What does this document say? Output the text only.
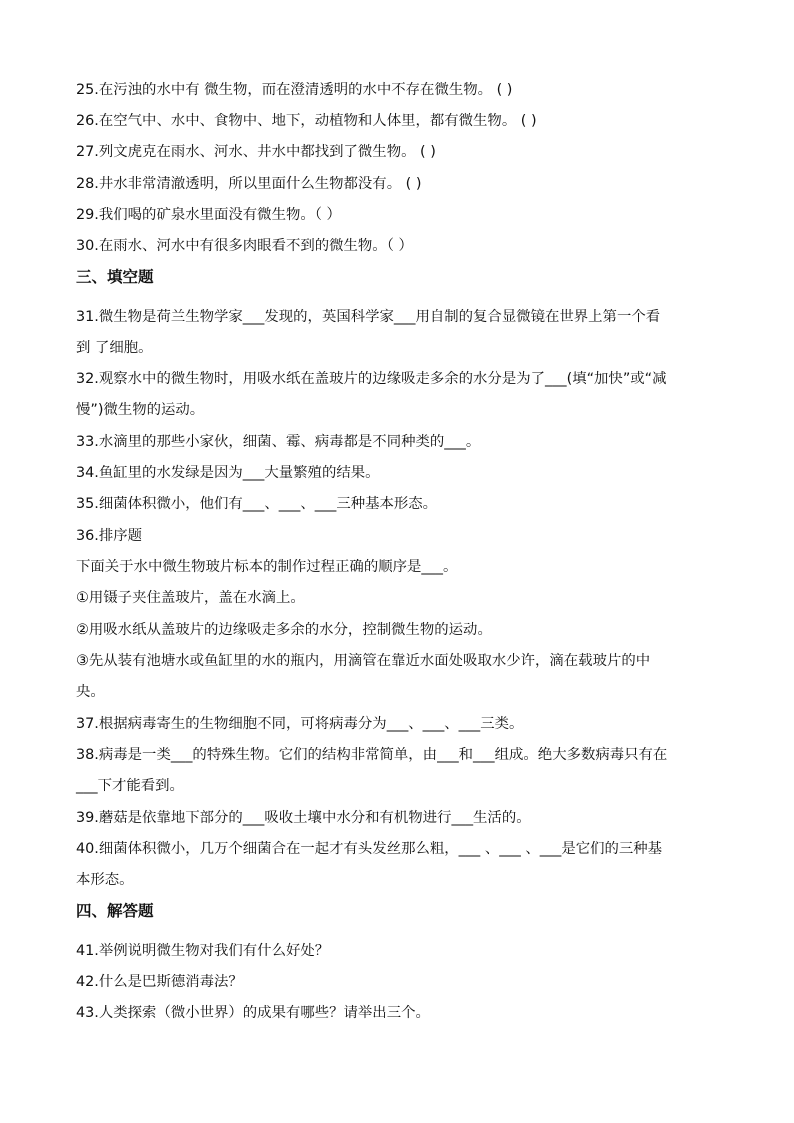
25.在污浊的水中有 微生物，而在澄清透明的水中不存在微生物。 ( )
26.在空气中、水中、食物中、地下，动植物和人体里，都有微生物。 ( )
27.列文虎克在雨水、河水、井水中都找到了微生物。 ( )
28.井水非常清澈透明，所以里面什么生物都没有。 ( )
29.我们喝的矿泉水里面没有微生物。（ ）
30.在雨水、河水中有很多肉眼看不到的微生物。（ ）
三、填空题
31.微生物是荷兰生物学家___发现的，英国科学家___用自制的复合显微镜在世界上第一个看
到 了细胞。
32.观察水中的微生物时，用吸水纸在盖玻片的边缘吸走多余的水分是为了___(填“加快”或“减
慢”)微生物的运动。
33.水滴里的那些小家伙，细菌、霉、病毒都是不同种类的___。
34.鱼缸里的水发绿是因为___大量繁殖的结果。
35.细菌体积微小，他们有___、___、___三种基本形态。
36.排序题
下面关于水中微生物玻片标本的制作过程正确的顺序是___。
①用镊子夹住盖玻片，盖在水滴上。
②用吸水纸从盖玻片的边缘吸走多余的水分，控制微生物的运动。
③先从装有池塘水或鱼缸里的水的瓶内，用滴管在靠近水面处吸取水少许，滴在载玻片的中
央。
37.根据病毒寄生的生物细胞不同，可将病毒分为___、___、___三类。
38.病毒是一类___的特殊生物。它们的结构非常简单，由___和___组成。绝大多数病毒只有在
___下才能看到。
39.蘑菇是依靠地下部分的___吸收土壤中水分和有机物进行___生活的。
40.细菌体积微小，几万个细菌合在一起才有头发丝那么粗，___ 、___ 、___是它们的三种基
本形态。
四、解答题
41.举例说明微生物对我们有什么好处？
42.什么是巴斯德消毒法？
43.人类探索（微小世界）的成果有哪些？请举出三个。
